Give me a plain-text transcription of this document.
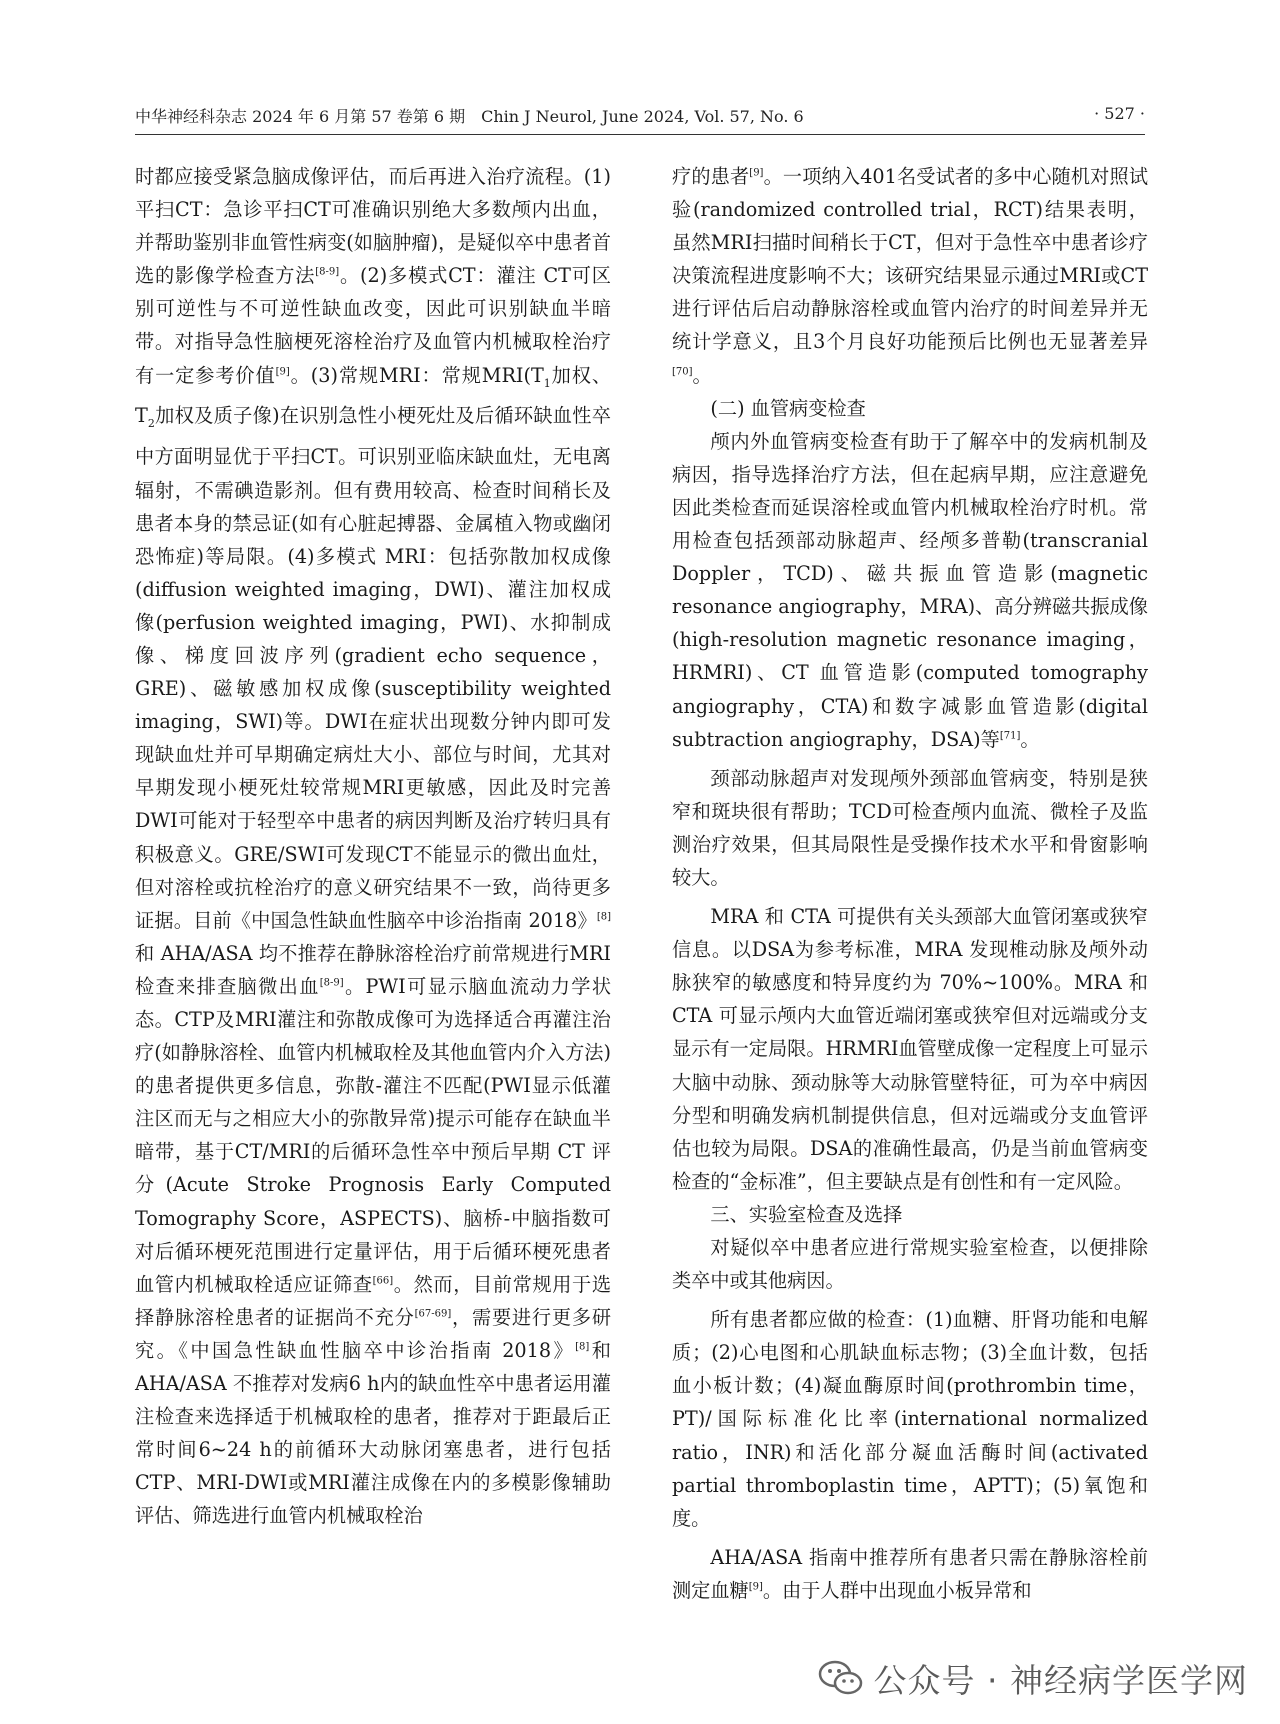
中华神经科杂志 2024 年 6 月第 57 卷第 6 期　Chin J Neurol, June 2024, Vol. 57, No. 6	· 527 ·

时都应接受紧急脑成像评估，而后再进入治疗流程。(1)平扫CT：急诊平扫CT可准确识别绝大多数颅内出血，并帮助鉴别非血管性病变(如脑肿瘤)，是疑似卒中患者首选的影像学检查方法[8-9]。(2)多模式CT：灌注 CT可区别可逆性与不可逆性缺血改变，因此可识别缺血半暗带。对指导急性脑梗死溶栓治疗及血管内机械取栓治疗有一定参考价值[9]。(3)常规MRI：常规$MRI(T_1$加权、$T_2$加权及质子像)在识别急性小梗死灶及后循环缺血性卒中方面明显优于平扫CT。可识别亚临床缺血灶，无电离辐射，不需碘造影剂。但有费用较高、检查时间稍长及患者本身的禁忌证(如有心脏起搏器、金属植入物或幽闭恐怖症)等局限。(4)多模式 MRI：包括弥散加权成像(diffusion weighted imaging，DWI)、灌注加权成像(perfusion weighted imaging，PWI)、水抑制成像、梯度回波序列(gradient echo sequence，GRE)、磁敏感加权成像(susceptibility weighted imaging，SWI)等。DWI在症状出现数分钟内即可发现缺血灶并可早期确定病灶大小、部位与时间，尤其对早期发现小梗死灶较常规MRI更敏感，因此及时完善DWI可能对于轻型卒中患者的病因判断及治疗转归具有积极意义。GRE/SWI可发现CT不能显示的微出血灶，但对溶栓或抗栓治疗的意义研究结果不一致，尚待更多证据。目前《中国急性缺血性脑卒中诊治指南 2018》[8]和 AHA/ASA 均不推荐在静脉溶栓治疗前常规进行MRI检查来排查脑微出血[8-9]。PWI可显示脑血流动力学状态。CTP及MRI灌注和弥散成像可为选择适合再灌注治疗(如静脉溶栓、血管内机械取栓及其他血管内介入方法)的患者提供更多信息，弥散-灌注不匹配(PWI显示低灌注区而无与之相应大小的弥散异常)提示可能存在缺血半暗带，基于CT/MRI的后循环急性卒中预后早期 CT 评分(Acute Stroke Prognosis Early Computed Tomography Score，ASPECTS)、脑桥-中脑指数可对后循环梗死范围进行定量评估，用于后循环梗死患者血管内机械取栓适应证筛查[66]。然而，目前常规用于选择静脉溶栓患者的证据尚不充分[67-69]，需要进行更多研究。《中国急性缺血性脑卒中诊治指南 2018》[8]和 AHA/ASA 不推荐对发病6 h内的缺血性卒中患者运用灌注检查来选择适于机械取栓的患者，推荐对于距最后正常时间6~24 h的前循环大动脉闭塞患者，进行包括CTP、MRI-DWI或MRI灌注成像在内的多模影像辅助评估、筛选进行血管内机械取栓治

疗的患者[9]。一项纳入401名受试者的多中心随机对照试验(randomized controlled trial，RCT)结果表明，虽然MRI扫描时间稍长于CT，但对于急性卒中患者诊疗决策流程进度影响不大；该研究结果显示通过MRI或CT进行评估后启动静脉溶栓或血管内治疗的时间差异并无统计学意义，且3个月良好功能预后比例也无显著差异[70]。

(二) 血管病变检查

颅内外血管病变检查有助于了解卒中的发病机制及病因，指导选择治疗方法，但在起病早期，应注意避免因此类检查而延误溶栓或血管内机械取栓治疗时机。常用检查包括颈部动脉超声、经颅多普勒(transcranial Doppler，TCD)、磁共振血管造影(magnetic resonance angiography，MRA)、高分辨磁共振成像(high-resolution magnetic resonance imaging，HRMRI)、CT 血管造影(computed tomography angiography，CTA)和数字减影血管造影(digital subtraction angiography，DSA)等[71]。

颈部动脉超声对发现颅外颈部血管病变，特别是狭窄和斑块很有帮助；TCD可检查颅内血流、微栓子及监测治疗效果，但其局限性是受操作技术水平和骨窗影响较大。

MRA 和 CTA 可提供有关头颈部大血管闭塞或狭窄信息。以DSA为参考标准，MRA 发现椎动脉及颅外动脉狭窄的敏感度和特异度约为 70%~100%。MRA 和 CTA 可显示颅内大血管近端闭塞或狭窄但对远端或分支显示有一定局限。HRMRI血管壁成像一定程度上可显示大脑中动脉、颈动脉等大动脉管壁特征，可为卒中病因分型和明确发病机制提供信息，但对远端或分支血管评估也较为局限。DSA的准确性最高，仍是当前血管病变检查的“金标准”，但主要缺点是有创性和有一定风险。

三、实验室检查及选择

对疑似卒中患者应进行常规实验室检查，以便排除类卒中或其他病因。

所有患者都应做的检查：(1)血糖、肝肾功能和电解质；(2)心电图和心肌缺血标志物；(3)全血计数，包括血小板计数；(4)凝血酶原时间(prothrombin time，PT)/国际标准化比率(international normalized ratio，INR)和活化部分凝血活酶时间(activated partial thromboplastin time，APTT)；(5)氧饱和度。

AHA/ASA 指南中推荐所有患者只需在静脉溶栓前测定血糖[9]。由于人群中出现血小板异常和

公众号 · 神经病学医学网
